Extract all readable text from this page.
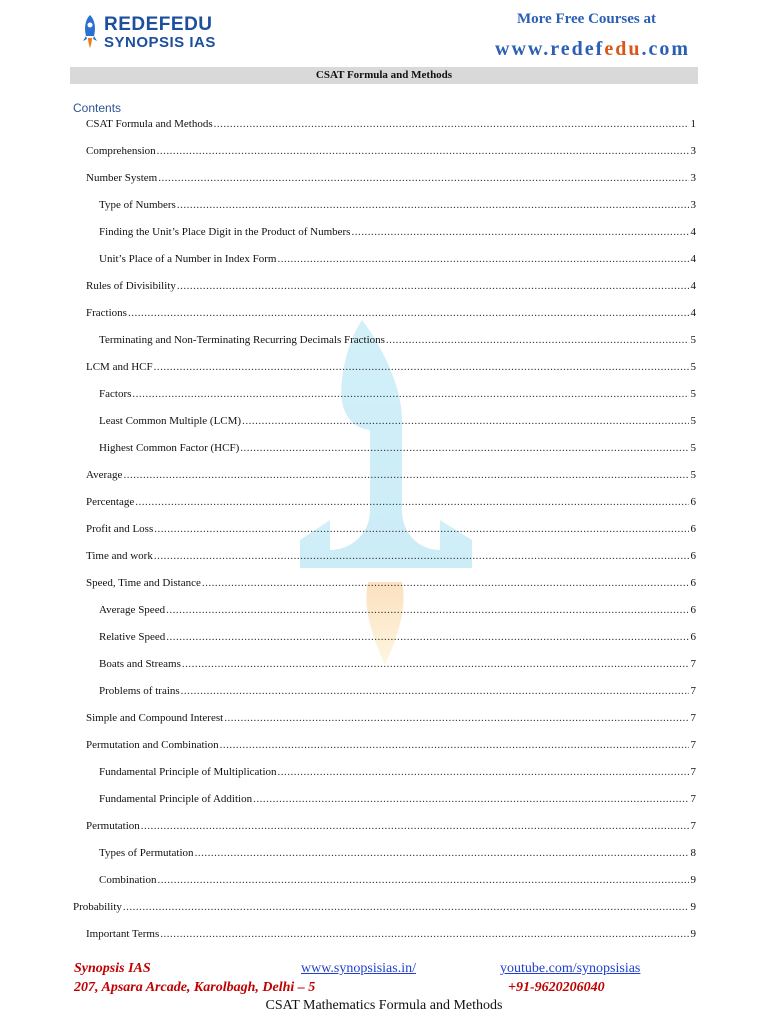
REDEFEDU
SYNOPSIS IAS
More Free Courses at
www.redefedu.com
CSAT Formula and Methods
Contents
CSAT Formula and Methods .....	1
Comprehension .....	3
Number System .....	3
Type of Numbers .....	3
Finding the Unit’s Place Digit in the Product of Numbers .....	4
Unit’s Place of a Number in Index Form .....	4
Rules of Divisibility .....	4
Fractions .....	4
Terminating and Non-Terminating Recurring Decimals Fractions .....	5
LCM and HCF .....	5
Factors .....	5
Least Common Multiple (LCM) .....	5
Highest Common Factor (HCF) .....	5
Average .....	5
Percentage .....	6
Profit and Loss .....	6
Time and work .....	6
Speed, Time and Distance .....	6
Average Speed .....	6
Relative Speed .....	6
Boats and Streams .....	7
Problems of trains .....	7
Simple and Compound Interest .....	7
Permutation and Combination .....	7
Fundamental Principle of Multiplication .....	7
Fundamental Principle of Addition .....	7
Permutation .....	7
Types of Permutation .....	8
Combination .....	9
Probability .....	9
Important Terms .....	9
Synopsis IAS
207, Apsara Arcade, Karolbagh, Delhi – 5
www.synopsisias.in/	youtube.com/synopsisias
+91-9620206040
CSAT Mathematics Formula and Methods
